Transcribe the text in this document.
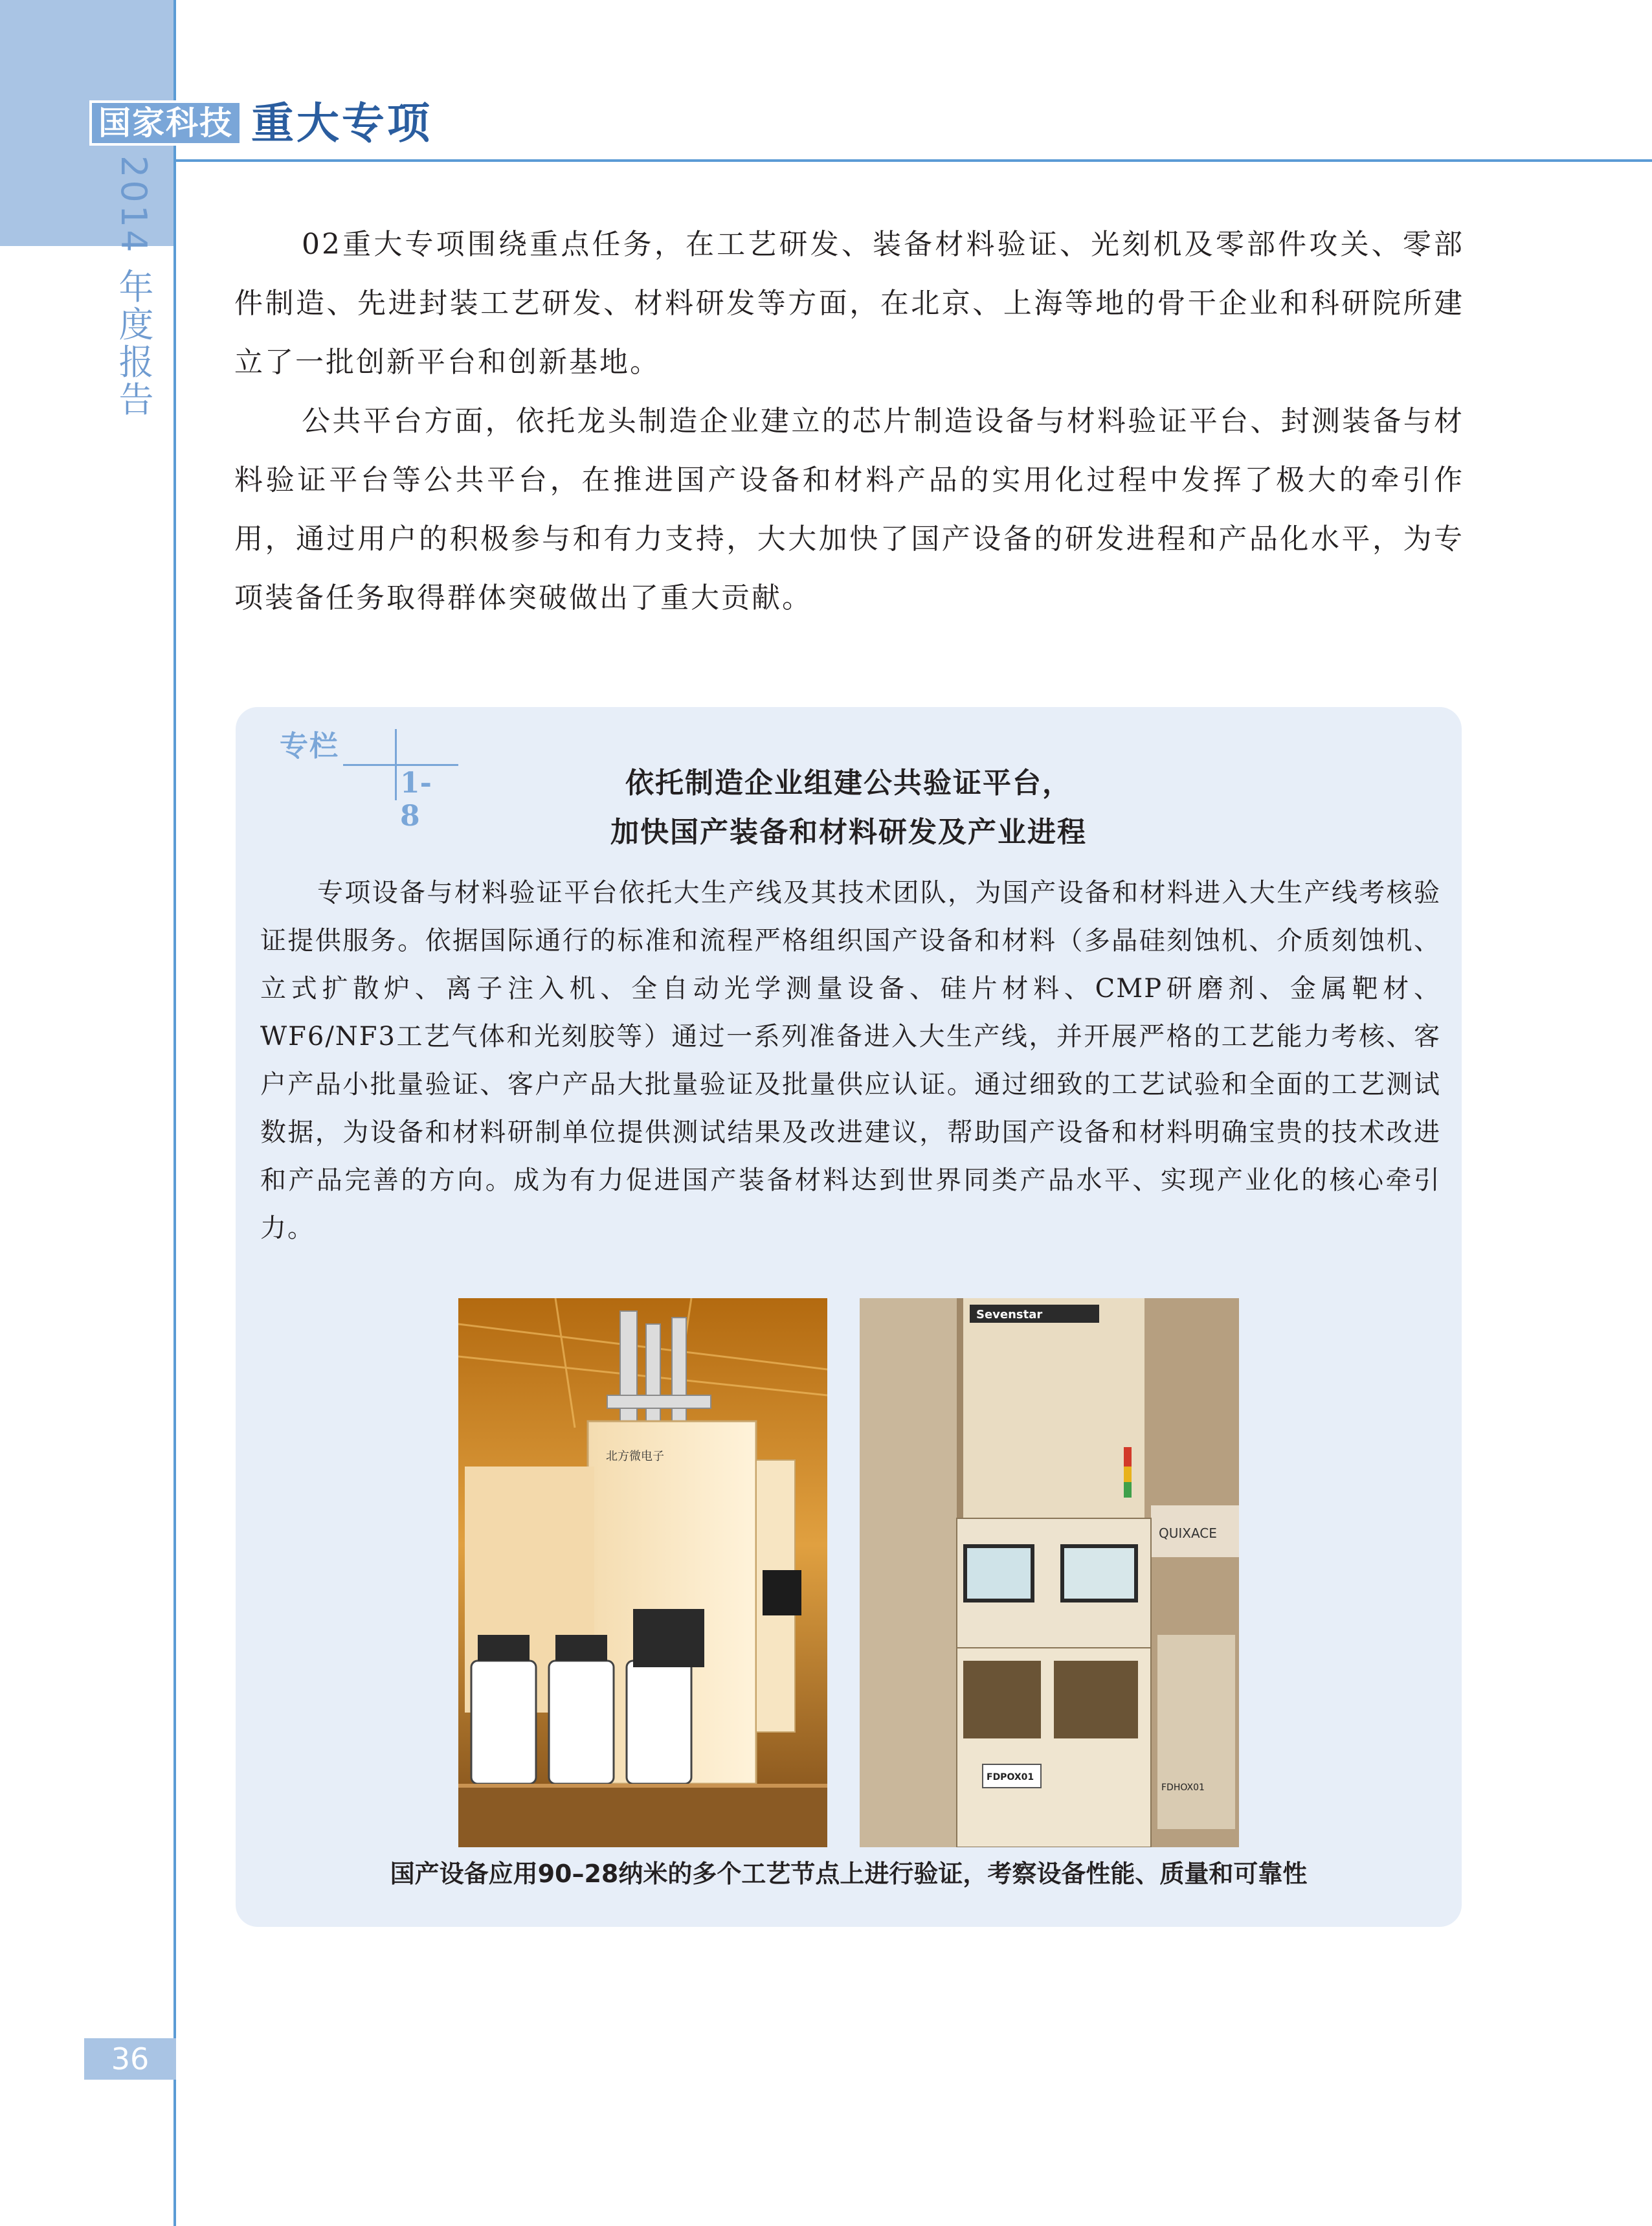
国家科技 重大专项
2014 年度报告	02重大专项围绕重点任务，在工艺研发、装备材料验证、光刻机及零部件攻关、零部件制造、先进封装工艺研发、材料研发等方面，在北京、上海等地的骨干企业和科研院所建立了一批创新平台和创新基地。

公共平台方面，依托龙头制造企业建立的芯片制造设备与材料验证平台、封测装备与材料验证平台等公共平台，在推进国产设备和材料产品的实用化过程中发挥了极大的牵引作用，通过用户的积极参与和有力支持，大大加快了国产设备的研发进程和产品化水平，为专项装备任务取得群体突破做出了重大贡献。

专栏
1-8
依托制造企业组建公共验证平台，
加快国产装备和材料研发及产业进程

专项设备与材料验证平台依托大生产线及其技术团队，为国产设备和材料进入大生产线考核验证提供服务。依据国际通行的标准和流程严格组织国产设备和材料（多晶硅刻蚀机、介质刻蚀机、立式扩散炉、离子注入机、全自动光学测量设备、硅片材料、CMP研磨剂、金属靶材、WF6/NF3工艺气体和光刻胶等）通过一系列准备进入大生产线，并开展严格的工艺能力考核、客户产品小批量验证、客户产品大批量验证及批量供应认证。通过细致的工艺试验和全面的工艺测试数据，为设备和材料研制单位提供测试结果及改进建议，帮助国产设备和材料明确宝贵的技术改进和产品完善的方向。成为有力促进国产装备材料达到世界同类产品水平、实现产业化的核心牵引力。

北方微电子
QUIXACE
FDHOX01
Sevenstar
FDPOX01
国产设备应用90–28纳米的多个工艺节点上进行验证，考察设备性能、质量和可靠性
36
